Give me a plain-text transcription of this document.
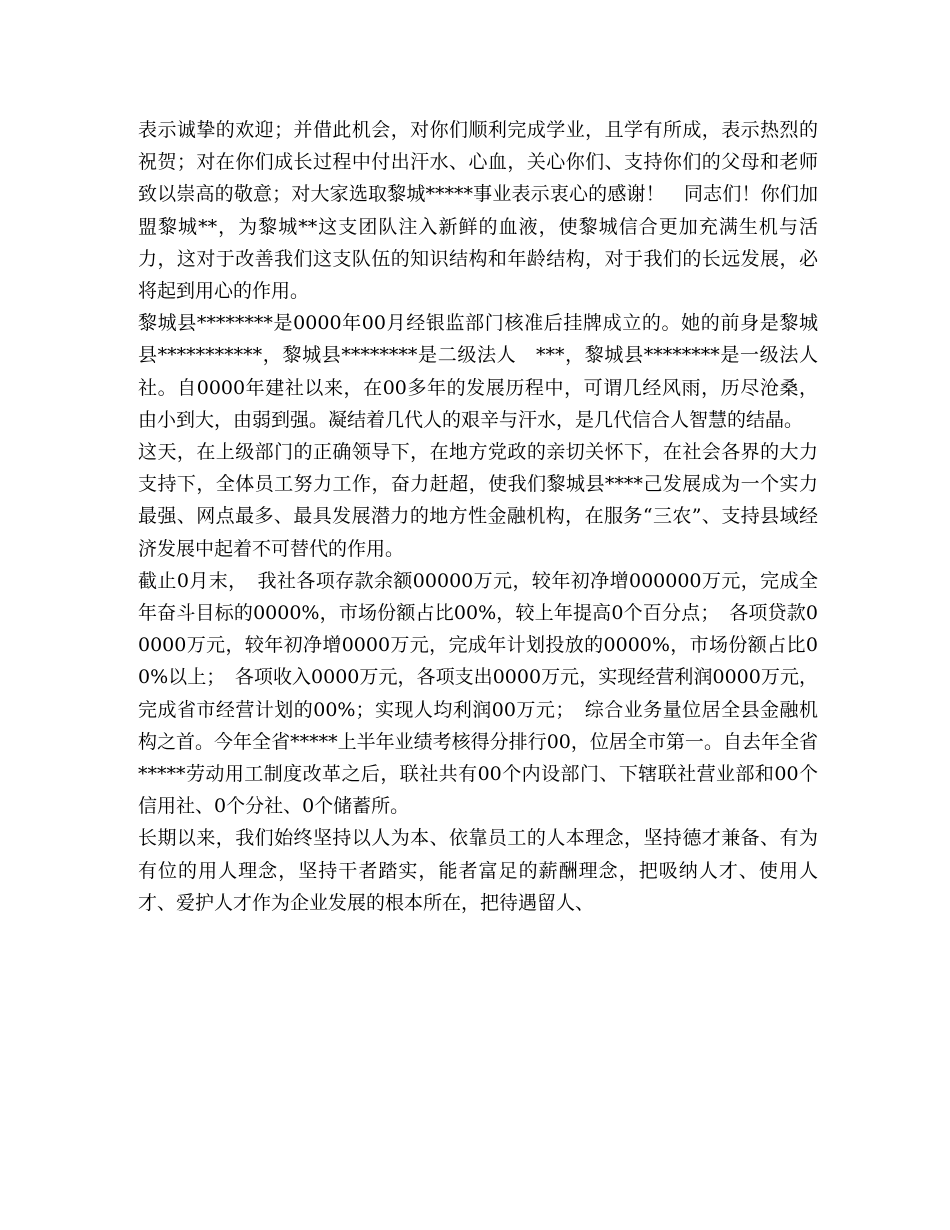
表示诚挚的欢迎；并借此机会，对你们顺利完成学业，且学有所成，表示热烈的祝贺；对在你们成长过程中付出汗水、心血，关心你们、支持你们的父母和老师致以崇高的敬意；对大家选取黎城*****事业表示衷心的感谢！　同志们！你们加盟黎城**，为黎城**这支团队注入新鲜的血液，使黎城信合更加充满生机与活力，这对于改善我们这支队伍的知识结构和年龄结构，对于我们的长远发展，必将起到用心的作用。

黎城县********是0000年00月经银监部门核准后挂牌成立的。她的前身是黎城县***********，黎城县********是二级法人　***，黎城县********是一级法人社。自0000年建社以来，在00多年的发展历程中，可谓几经风雨，历尽沧桑，由小到大，由弱到强。凝结着几代人的艰辛与汗水，是几代信合人智慧的结晶。

这天，在上级部门的正确领导下，在地方党政的亲切关怀下，在社会各界的大力支持下，全体员工努力工作，奋力赶超，使我们黎城县****己发展成为一个实力最强、网点最多、最具发展潜力的地方性金融机构，在服务“三农”、支持县域经济发展中起着不可替代的作用。

截止0月末，　我社各项存款余额00000万元，较年初净增000000万元，完成全年奋斗目标的0000%，市场份额占比00%，较上年提高0个百分点；　各项贷款00000万元，较年初净增0000万元，完成年计划投放的0000%，市场份额占比00%以上；　各项收入0000万元，各项支出0000万元，实现经营利润0000万元，完成省市经营计划的00%；实现人均利润00万元；　综合业务量位居全县金融机构之首。今年全省*****上半年业绩考核得分排行00，位居全市第一。自去年全省*****劳动用工制度改革之后，联社共有00个内设部门、下辖联社营业部和00个信用社、0个分社、0个储蓄所。

长期以来，我们始终坚持以人为本、依靠员工的人本理念，坚持德才兼备、有为有位的用人理念，坚持干者踏实，能者富足的薪酬理念，把吸纳人才、使用人才、爱护人才作为企业发展的根本所在，把待遇留人、
